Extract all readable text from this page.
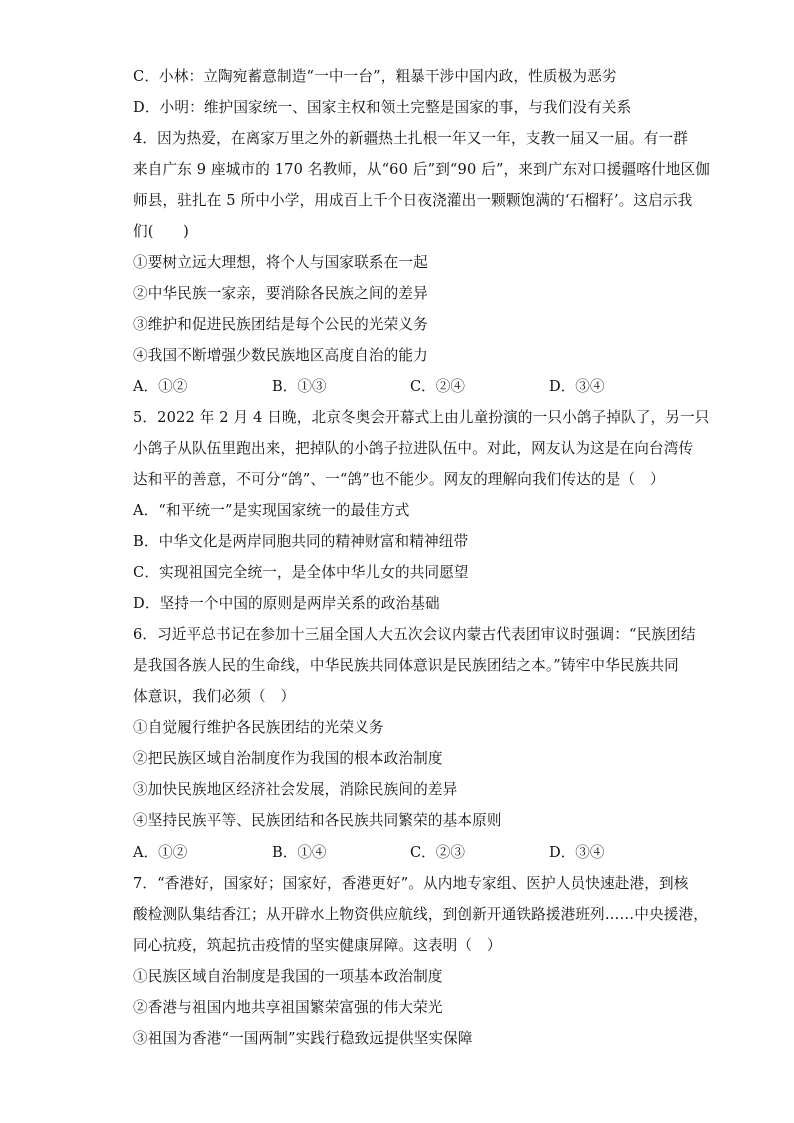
C．小林：立陶宛蓄意制造“一中一台”，粗暴干涉中国内政，性质极为恶劣
D．小明：维护国家统一、国家主权和领土完整是国家的事，与我们没有关系
4．因为热爱，在离家万里之外的新疆热土扎根一年又一年，支教一届又一届。有一群
来自广东 9 座城市的 170 名教师，从“60 后”到“90 后”，来到广东对口援疆喀什地区伽
师县，驻扎在 5 所中小学，用成百上千个日夜浇灌出一颗颗饱满的‘石榴籽’。这启示我
们(　　)
①要树立远大理想，将个人与国家联系在一起
②中华民族一家亲，要消除各民族之间的差异
③维护和促进民族团结是每个公民的光荣义务
④我国不断增强少数民族地区高度自治的能力
A．①②	B．①③	C．②④	D．③④
5．2022 年 2 月 4 日晚，北京冬奥会开幕式上由儿童扮演的一只小鸽子掉队了，另一只
小鸽子从队伍里跑出来，把掉队的小鸽子拉进队伍中。对此，网友认为这是在向台湾传
达和平的善意，不可分“鸽”、一“鸽”也不能少。网友的理解向我们传达的是（　）
A．“和平统一”是实现国家统一的最佳方式
B．中华文化是两岸同胞共同的精神财富和精神纽带
C．实现祖国完全统一，是全体中华儿女的共同愿望
D．坚持一个中国的原则是两岸关系的政治基础
6．习近平总书记在参加十三届全国人大五次会议内蒙古代表团审议时强调：“民族团结
是我国各族人民的生命线，中华民族共同体意识是民族团结之本。”铸牢中华民族共同
体意识，我们必须（　）
①自觉履行维护各民族团结的光荣义务
②把民族区域自治制度作为我国的根本政治制度
③加快民族地区经济社会发展，消除民族间的差异
④坚持民族平等、民族团结和各民族共同繁荣的基本原则
A．①②	B．①④	C．②③	D．③④
7．“香港好，国家好；国家好，香港更好”。从内地专家组、医护人员快速赴港，到核
酸检测队集结香江；从开辟水上物资供应航线，到创新开通铁路援港班列……中央援港，
同心抗疫，筑起抗击疫情的坚实健康屏障。这表明（　）
①民族区域自治制度是我国的一项基本政治制度
②香港与祖国内地共享祖国繁荣富强的伟大荣光
③祖国为香港“一国两制”实践行稳致远提供坚实保障
